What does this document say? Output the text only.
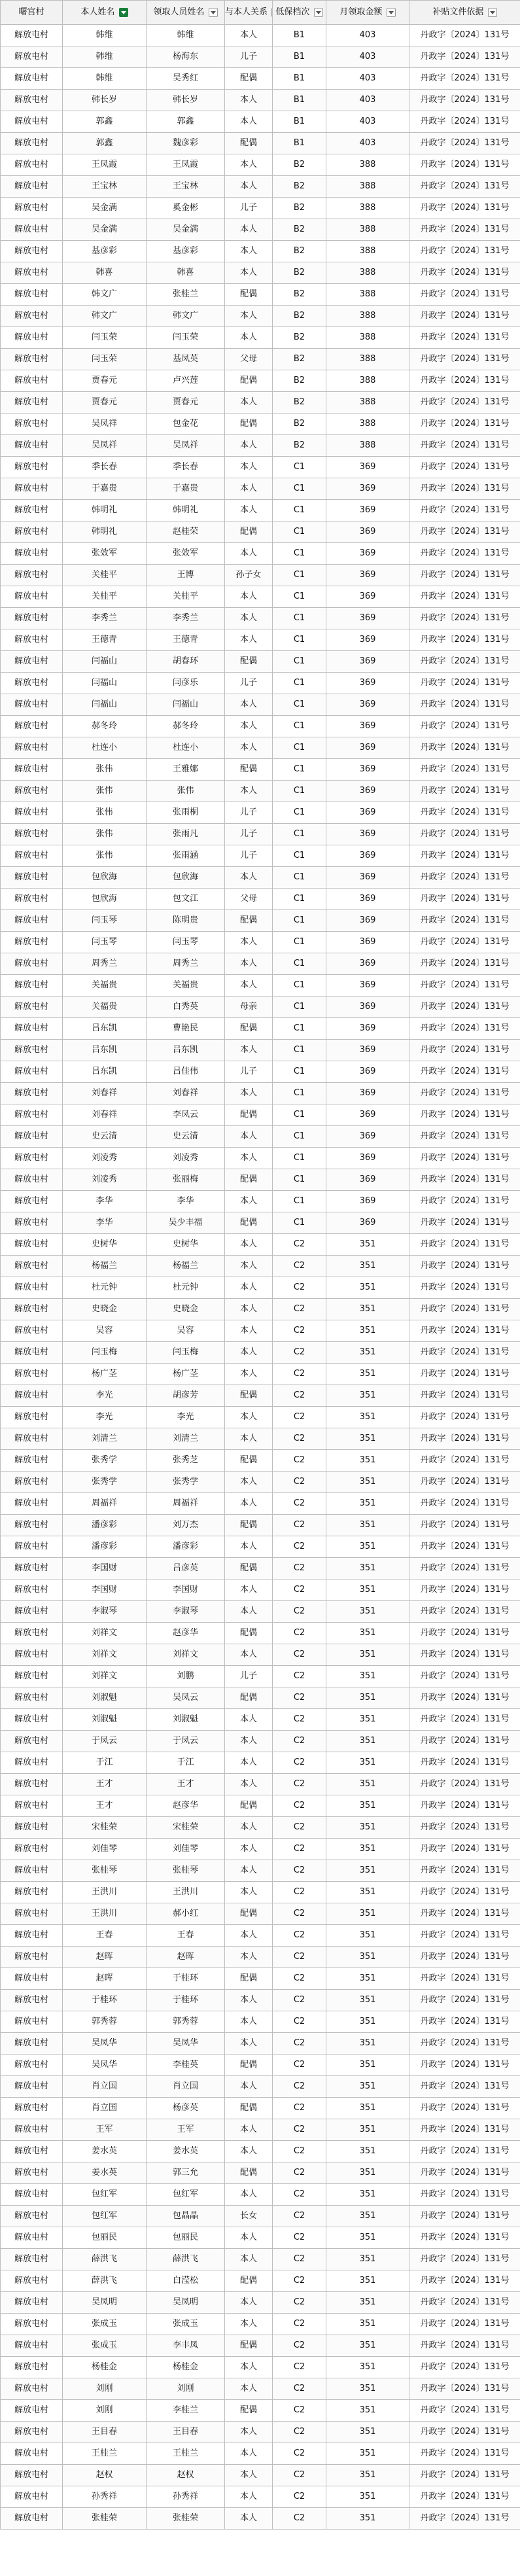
曙宫村	本人姓名	领取人员姓名	与本人关系	低保档次	月领取金额	补贴文件依据
解放屯村	韩维	韩维	本人	B1	403	丹政字〔2024〕131号
解放屯村	韩维	杨海东	儿子	B1	403	丹政字〔2024〕131号
解放屯村	韩维	吴秀红	配偶	B1	403	丹政字〔2024〕131号
解放屯村	韩长岁	韩长岁	本人	B1	403	丹政字〔2024〕131号
解放屯村	郭鑫	郭鑫	本人	B1	403	丹政字〔2024〕131号
解放屯村	郭鑫	魏彦彩	配偶	B1	403	丹政字〔2024〕131号
解放屯村	王凤霞	王凤霞	本人	B2	388	丹政字〔2024〕131号
解放屯村	王宝林	王宝林	本人	B2	388	丹政字〔2024〕131号
解放屯村	吴金满	奚金彬	儿子	B2	388	丹政字〔2024〕131号
解放屯村	吴金满	吴金满	本人	B2	388	丹政字〔2024〕131号
解放屯村	基彦彩	基彦彩	本人	B2	388	丹政字〔2024〕131号
解放屯村	韩喜	韩喜	本人	B2	388	丹政字〔2024〕131号
解放屯村	韩文广	张桂兰	配偶	B2	388	丹政字〔2024〕131号
解放屯村	韩文广	韩文广	本人	B2	388	丹政字〔2024〕131号
解放屯村	闫玉荣	闫玉荣	本人	B2	388	丹政字〔2024〕131号
解放屯村	闫玉荣	基凤英	父母	B2	388	丹政字〔2024〕131号
解放屯村	贾春元	卢兴莲	配偶	B2	388	丹政字〔2024〕131号
解放屯村	贾春元	贾春元	本人	B2	388	丹政字〔2024〕131号
解放屯村	吴凤祥	包金花	配偶	B2	388	丹政字〔2024〕131号
解放屯村	吴凤祥	吴凤祥	本人	B2	388	丹政字〔2024〕131号
解放屯村	季长春	季长春	本人	C1	369	丹政字〔2024〕131号
解放屯村	于嘉贵	于嘉贵	本人	C1	369	丹政字〔2024〕131号
解放屯村	韩明礼	韩明礼	本人	C1	369	丹政字〔2024〕131号
解放屯村	韩明礼	赵桂荣	配偶	C1	369	丹政字〔2024〕131号
解放屯村	张效军	张效军	本人	C1	369	丹政字〔2024〕131号
解放屯村	关桂平	王博	孙子女	C1	369	丹政字〔2024〕131号
解放屯村	关桂平	关桂平	本人	C1	369	丹政字〔2024〕131号
解放屯村	李秀兰	李秀兰	本人	C1	369	丹政字〔2024〕131号
解放屯村	王德青	王德青	本人	C1	369	丹政字〔2024〕131号
解放屯村	闫福山	胡春环	配偶	C1	369	丹政字〔2024〕131号
解放屯村	闫福山	闫彦乐	儿子	C1	369	丹政字〔2024〕131号
解放屯村	闫福山	闫福山	本人	C1	369	丹政字〔2024〕131号
解放屯村	郝冬玲	郝冬玲	本人	C1	369	丹政字〔2024〕131号
解放屯村	杜连小	杜连小	本人	C1	369	丹政字〔2024〕131号
解放屯村	张伟	王雅娜	配偶	C1	369	丹政字〔2024〕131号
解放屯村	张伟	张伟	本人	C1	369	丹政字〔2024〕131号
解放屯村	张伟	张雨桐	儿子	C1	369	丹政字〔2024〕131号
解放屯村	张伟	张雨凡	儿子	C1	369	丹政字〔2024〕131号
解放屯村	张伟	张雨涵	儿子	C1	369	丹政字〔2024〕131号
解放屯村	包欣海	包欣海	本人	C1	369	丹政字〔2024〕131号
解放屯村	包欣海	包文江	父母	C1	369	丹政字〔2024〕131号
解放屯村	闫玉琴	陈明贵	配偶	C1	369	丹政字〔2024〕131号
解放屯村	闫玉琴	闫玉琴	本人	C1	369	丹政字〔2024〕131号
解放屯村	周秀兰	周秀兰	本人	C1	369	丹政字〔2024〕131号
解放屯村	关福贵	关福贵	本人	C1	369	丹政字〔2024〕131号
解放屯村	关福贵	白秀英	母亲	C1	369	丹政字〔2024〕131号
解放屯村	吕东凯	曹艳民	配偶	C1	369	丹政字〔2024〕131号
解放屯村	吕东凯	吕东凯	本人	C1	369	丹政字〔2024〕131号
解放屯村	吕东凯	吕佳伟	儿子	C1	369	丹政字〔2024〕131号
解放屯村	刘春祥	刘春祥	本人	C1	369	丹政字〔2024〕131号
解放屯村	刘春祥	李凤云	配偶	C1	369	丹政字〔2024〕131号
解放屯村	史云清	史云清	本人	C1	369	丹政字〔2024〕131号
解放屯村	刘凌秀	刘凌秀	本人	C1	369	丹政字〔2024〕131号
解放屯村	刘凌秀	张丽梅	配偶	C1	369	丹政字〔2024〕131号
解放屯村	李华	李华	本人	C1	369	丹政字〔2024〕131号
解放屯村	李华	吴少丰福	配偶	C1	369	丹政字〔2024〕131号
解放屯村	史树华	史树华	本人	C2	351	丹政字〔2024〕131号
解放屯村	杨福兰	杨福兰	本人	C2	351	丹政字〔2024〕131号
解放屯村	杜元钟	杜元钟	本人	C2	351	丹政字〔2024〕131号
解放屯村	史晓金	史晓金	本人	C2	351	丹政字〔2024〕131号
解放屯村	吴容	吴容	本人	C2	351	丹政字〔2024〕131号
解放屯村	闫玉梅	闫玉梅	本人	C2	351	丹政字〔2024〕131号
解放屯村	杨广茎	杨广茎	本人	C2	351	丹政字〔2024〕131号
解放屯村	李光	胡彦芳	配偶	C2	351	丹政字〔2024〕131号
解放屯村	李光	李光	本人	C2	351	丹政字〔2024〕131号
解放屯村	刘清兰	刘清兰	本人	C2	351	丹政字〔2024〕131号
解放屯村	张秀学	张秀芝	配偶	C2	351	丹政字〔2024〕131号
解放屯村	张秀学	张秀学	本人	C2	351	丹政字〔2024〕131号
解放屯村	周福祥	周福祥	本人	C2	351	丹政字〔2024〕131号
解放屯村	潘彦彩	刘万杰	配偶	C2	351	丹政字〔2024〕131号
解放屯村	潘彦彩	潘彦彩	本人	C2	351	丹政字〔2024〕131号
解放屯村	李国财	吕彦英	配偶	C2	351	丹政字〔2024〕131号
解放屯村	李国财	李国财	本人	C2	351	丹政字〔2024〕131号
解放屯村	李淑琴	李淑琴	本人	C2	351	丹政字〔2024〕131号
解放屯村	刘祥文	赵彦华	配偶	C2	351	丹政字〔2024〕131号
解放屯村	刘祥文	刘祥文	本人	C2	351	丹政字〔2024〕131号
解放屯村	刘祥文	刘鹏	儿子	C2	351	丹政字〔2024〕131号
解放屯村	刘淑魁	吴凤云	配偶	C2	351	丹政字〔2024〕131号
解放屯村	刘淑魁	刘淑魁	本人	C2	351	丹政字〔2024〕131号
解放屯村	于凤云	于凤云	本人	C2	351	丹政字〔2024〕131号
解放屯村	于江	于江	本人	C2	351	丹政字〔2024〕131号
解放屯村	王才	王才	本人	C2	351	丹政字〔2024〕131号
解放屯村	王才	赵彦华	配偶	C2	351	丹政字〔2024〕131号
解放屯村	宋桂荣	宋桂荣	本人	C2	351	丹政字〔2024〕131号
解放屯村	刘佳琴	刘佳琴	本人	C2	351	丹政字〔2024〕131号
解放屯村	张桂琴	张桂琴	本人	C2	351	丹政字〔2024〕131号
解放屯村	王洪川	王洪川	本人	C2	351	丹政字〔2024〕131号
解放屯村	王洪川	郝小红	配偶	C2	351	丹政字〔2024〕131号
解放屯村	王春	王春	本人	C2	351	丹政字〔2024〕131号
解放屯村	赵晖	赵晖	本人	C2	351	丹政字〔2024〕131号
解放屯村	赵晖	于桂环	配偶	C2	351	丹政字〔2024〕131号
解放屯村	于桂环	于桂环	本人	C2	351	丹政字〔2024〕131号
解放屯村	郭秀蓉	郭秀蓉	本人	C2	351	丹政字〔2024〕131号
解放屯村	吴凤华	吴凤华	本人	C2	351	丹政字〔2024〕131号
解放屯村	吴凤华	李桂英	配偶	C2	351	丹政字〔2024〕131号
解放屯村	肖立国	肖立国	本人	C2	351	丹政字〔2024〕131号
解放屯村	肖立国	杨彦英	配偶	C2	351	丹政字〔2024〕131号
解放屯村	王军	王军	本人	C2	351	丹政字〔2024〕131号
解放屯村	姜水英	姜水英	本人	C2	351	丹政字〔2024〕131号
解放屯村	姜水英	郭三允	配偶	C2	351	丹政字〔2024〕131号
解放屯村	包红军	包红军	本人	C2	351	丹政字〔2024〕131号
解放屯村	包红军	包晶晶	长女	C2	351	丹政字〔2024〕131号
解放屯村	包丽民	包丽民	本人	C2	351	丹政字〔2024〕131号
解放屯村	薛洪飞	薛洪飞	本人	C2	351	丹政字〔2024〕131号
解放屯村	薛洪飞	白滢松	配偶	C2	351	丹政字〔2024〕131号
解放屯村	吴凤明	吴凤明	本人	C2	351	丹政字〔2024〕131号
解放屯村	张成玉	张成玉	本人	C2	351	丹政字〔2024〕131号
解放屯村	张成玉	李丰凤	配偶	C2	351	丹政字〔2024〕131号
解放屯村	杨桂金	杨桂金	本人	C2	351	丹政字〔2024〕131号
解放屯村	刘刚	刘刚	本人	C2	351	丹政字〔2024〕131号
解放屯村	刘刚	李桂兰	配偶	C2	351	丹政字〔2024〕131号
解放屯村	王目春	王目春	本人	C2	351	丹政字〔2024〕131号
解放屯村	王桂兰	王桂兰	本人	C2	351	丹政字〔2024〕131号
解放屯村	赵权	赵权	本人	C2	351	丹政字〔2024〕131号
解放屯村	孙秀祥	孙秀祥	本人	C2	351	丹政字〔2024〕131号
解放屯村	张桂荣	张桂荣	本人	C2	351	丹政字〔2024〕131号
